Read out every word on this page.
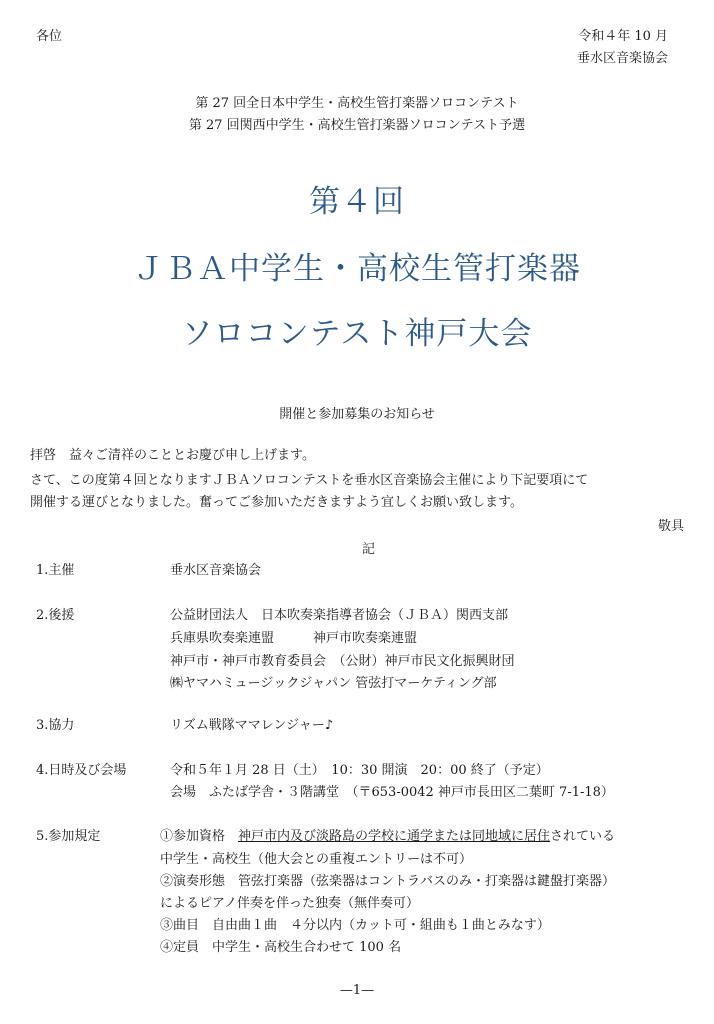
各位	令和４年 10 月
垂水区音楽協会
第 27 回全日本中学生・高校生管打楽器ソロコンテスト
第 27 回関西中学生・高校生管打楽器ソロコンテスト予選
第４回
ＪＢＡ中学生・高校生管打楽器
ソロコンテスト神戸大会
開催と参加募集のお知らせ
拝啓　益々ご清祥のこととお慶び申し上げます。
さて、この度第４回となりますＪＢＡソロコンテストを垂水区音楽協会主催により下記要項にて
開催する運びとなりました。奮ってご参加いただきますよう宜しくお願い致します。
敬具
記
1.主催	垂水区音楽協会
2.後援	公益財団法人　日本吹奏楽指導者協会（ＪＢＡ）関西支部
兵庫県吹奏楽連盟　　　神戸市吹奏楽連盟
神戸市・神戸市教育委員会　（公財）神戸市民文化振興財団
㈱ヤマハミュージックジャパン 管弦打マーケティング部
3.協力	リズム戦隊ママレンジャー♪
4.日時及び会場	令和５年１月 28 日（土）　10：30 開演　20：00 終了（予定）
会場　ふたば学舎・３階講堂　（〒653-0042 神戸市長田区二葉町 7-1-18）
5.参加規定	①参加資格　神戸市内及び淡路島の学校に通学または同地域に居住されている
中学生・高校生（他大会との重複エントリーは不可）
②演奏形態　管弦打楽器（弦楽器はコントラバスのみ・打楽器は鍵盤打楽器）
によるピアノ伴奏を伴った独奏（無伴奏可）
③曲目　自由曲１曲　４分以内（カット可・組曲も１曲とみなす）
④定員　中学生・高校生合わせて 100 名
—1—
